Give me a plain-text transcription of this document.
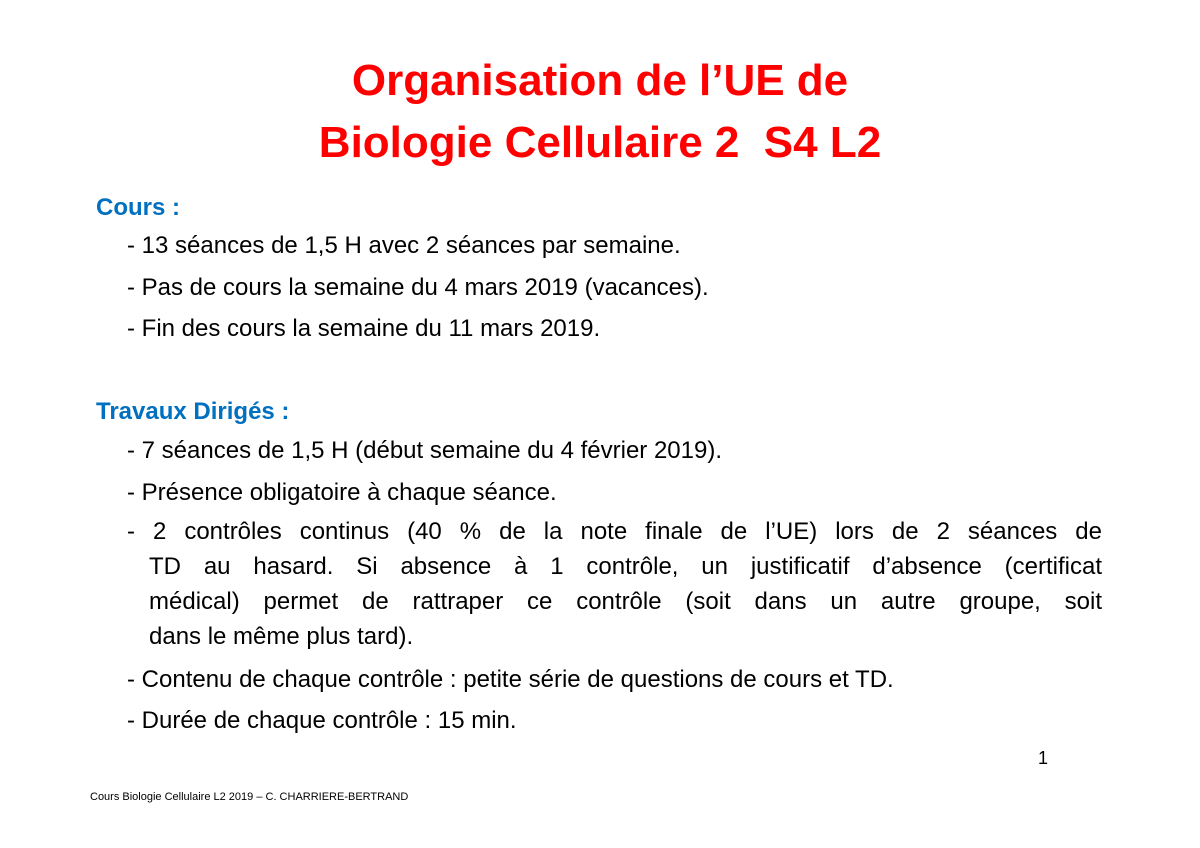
Organisation de l’UE de
Biologie Cellulaire 2  S4 L2
Cours :
- 13 séances de 1,5 H avec 2 séances par semaine.
- Pas de cours la semaine du 4 mars 2019 (vacances).
- Fin des cours la semaine du 11 mars 2019.
Travaux Dirigés :
- 7 séances de 1,5 H (début semaine du 4 février 2019).
- Présence obligatoire à chaque séance.
- 2 contrôles continus (40 % de la note finale de l’UE) lors de 2 séances de
TD au hasard. Si absence à 1 contrôle, un justificatif d’absence (certificat
médical) permet de rattraper ce contrôle (soit dans un autre groupe, soit
dans le même plus tard).
- Contenu de chaque contrôle : petite série de questions de cours et TD.
- Durée de chaque contrôle : 15 min.
1
Cours Biologie Cellulaire L2 2019 – C. CHARRIERE-BERTRAND
